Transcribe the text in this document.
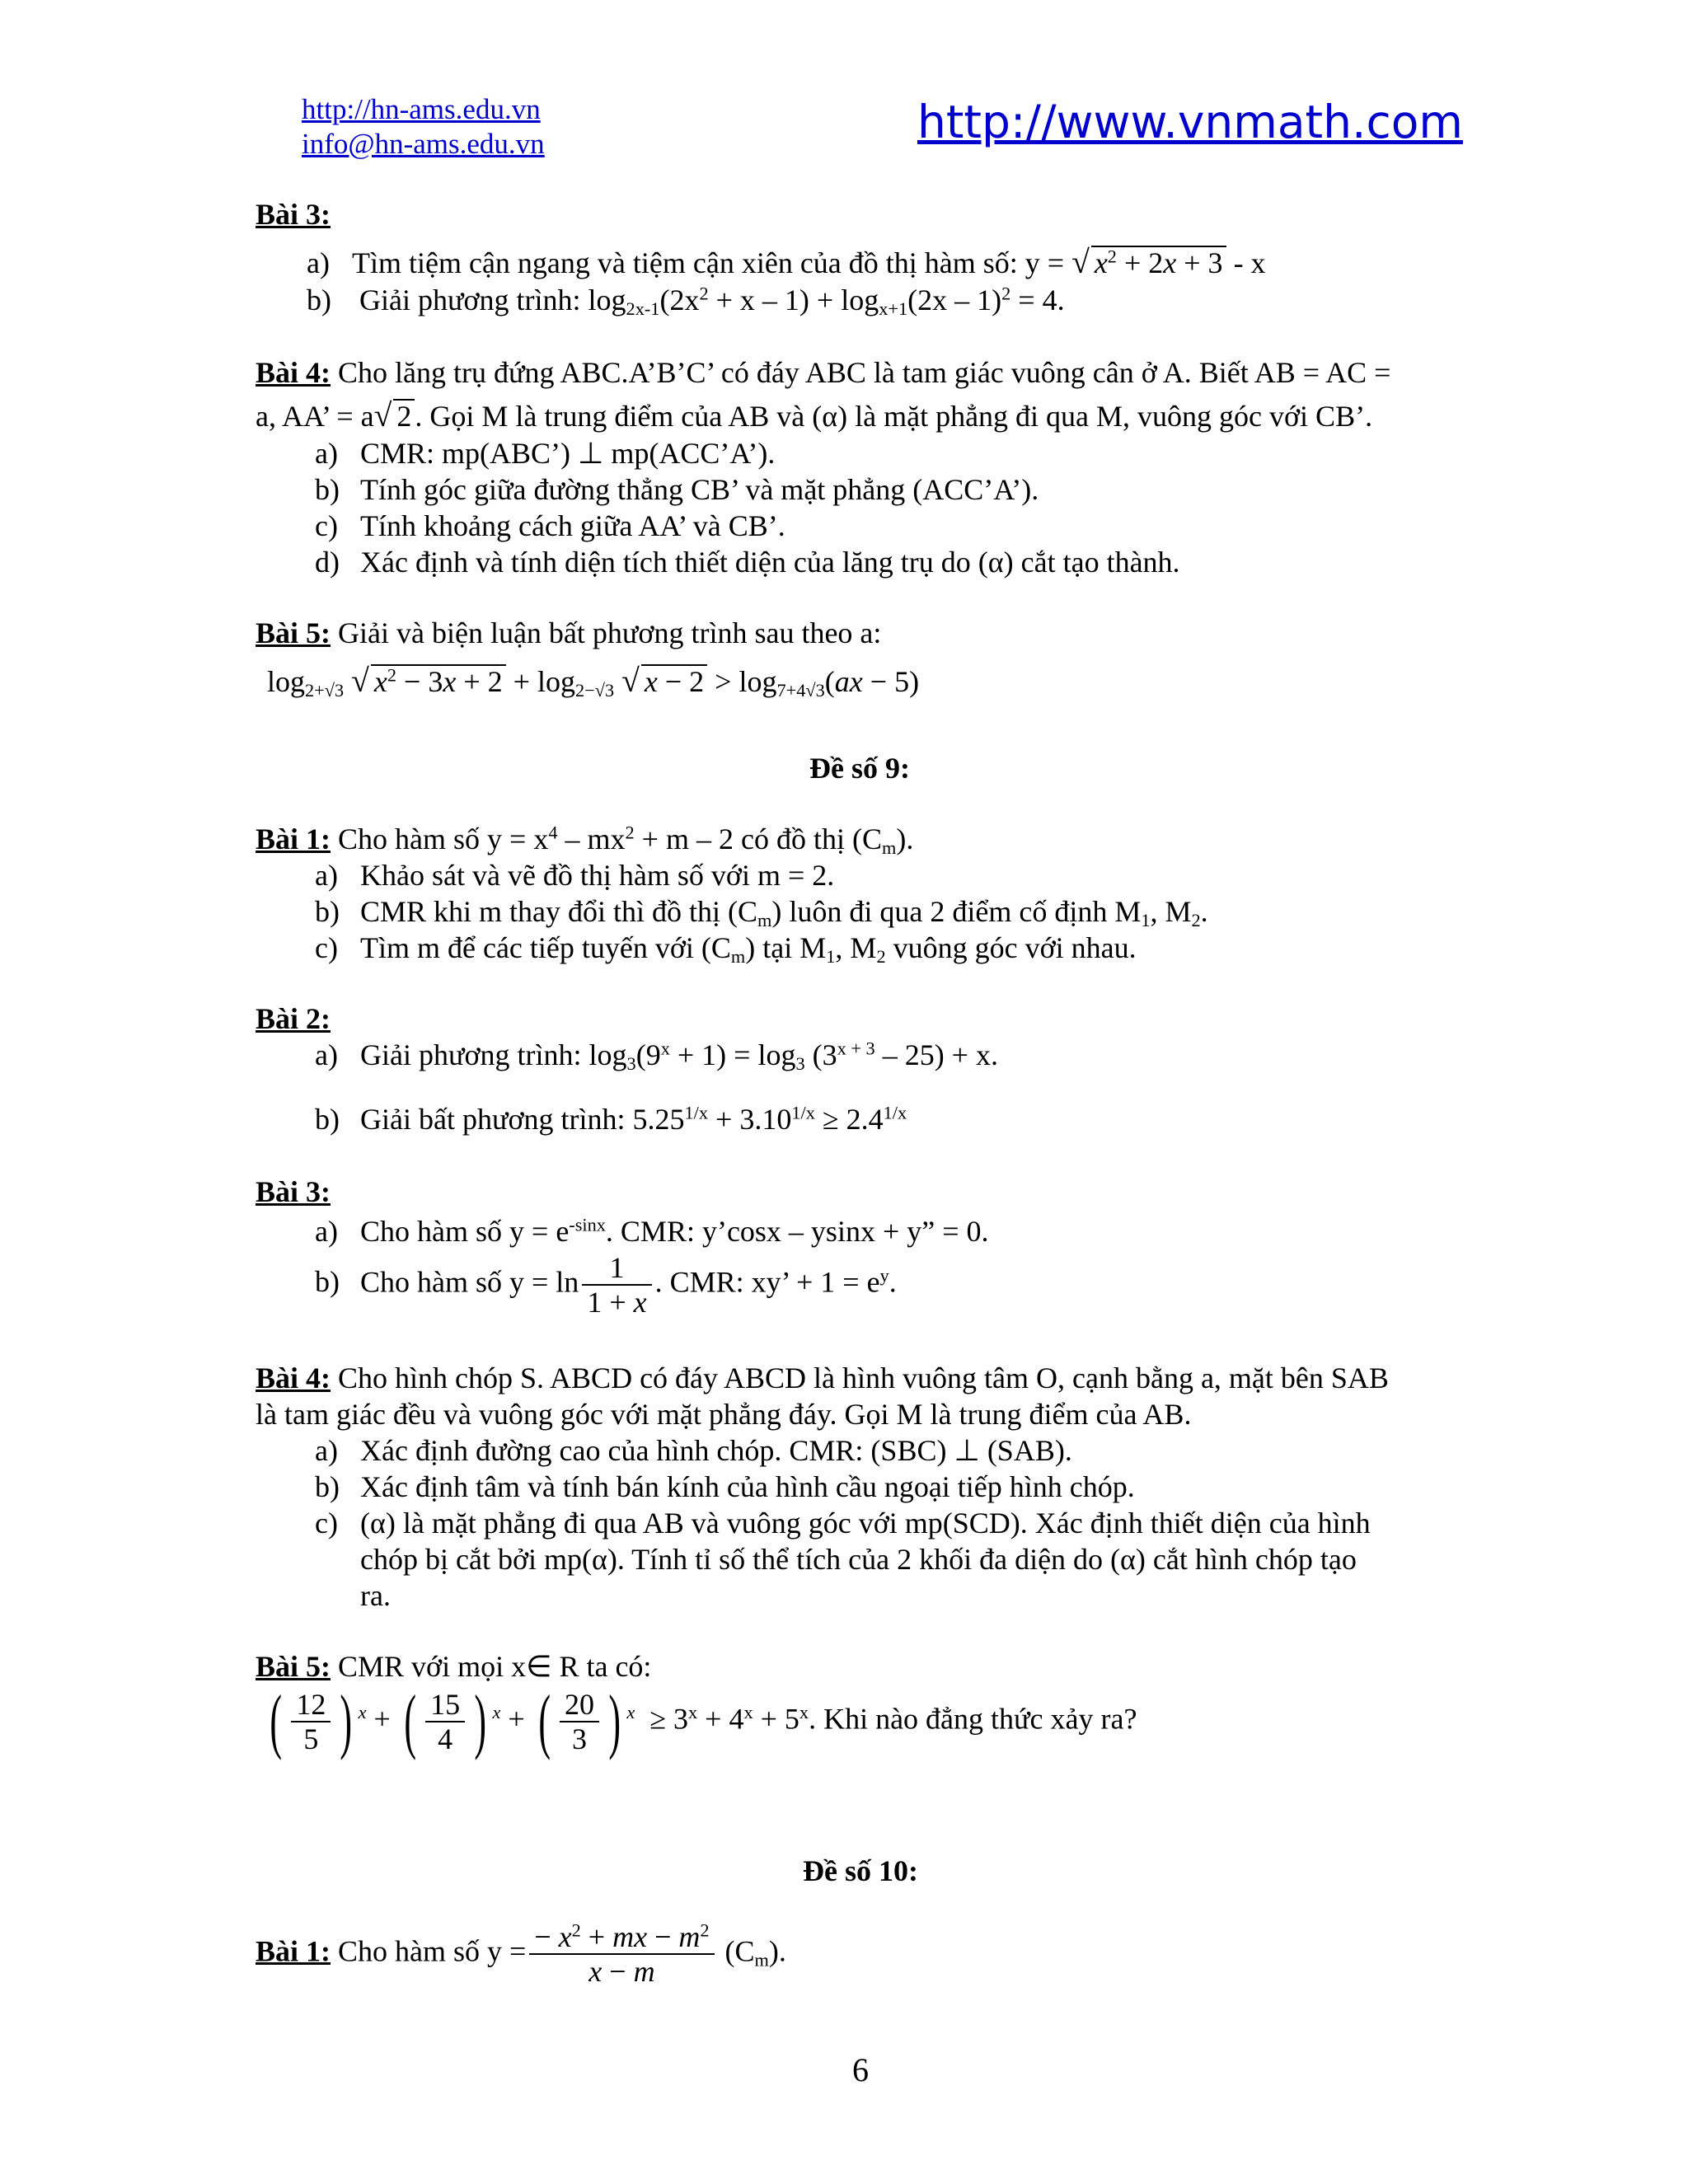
http://hn-ams.edu.vn
info@hn-ams.edu.vn	http://www.vnmath.com
Bài 3:
a) Tìm tiệm cận ngang và tiệm cận xiên của đồ thị hàm số: y = √ $x^2 + 2x + 3 - x$
b) Giải phương trình: $\log_{2x-1}(2x^2 + x - 1) + \log_{x+1}(2x - 1)^2 = 4$.
Bài 4: Cho lăng trụ đứng ABC.A’B’C’ có đáy ABC là tam giác vuông cân ở A. Biết AB = AC =
a, AA’ = a√ 2 . Gọi M là trung điểm của AB và (α) là mặt phẳng đi qua M, vuông góc với CB’.
a) CMR: mp(ABC’) ⊥ mp(ACC’A’).
b) Tính góc giữa đường thẳng CB’ và mặt phẳng (ACC’A’).
c) Tính khoảng cách giữa AA’ và CB’.
d) Xác định và tính diện tích thiết diện của lăng trụ do (α) cắt tạo thành.
Bài 5: Giải và biện luận bất phương trình sau theo a:
$\log_{2+√3}$ √ $x^2 - 3x + 2 + \log_{2-√3}$ √ $x - 2 > \log_{7+4√3}(ax - 5)$
Đề số 9:
Bài 1: Cho hàm số $y = x^4 - mx^2 + m - 2$ có đồ thị $(C_m)$.
a) Khảo sát và vẽ đồ thị hàm số với m = 2.
b) CMR khi m thay đổi thì đồ thị $(C_m)$ luôn đi qua 2 điểm cố định $M_1$, $M_2$.
c) Tìm m để các tiếp tuyến với $(C_m)$ tại $M_1$, $M_2$ vuông góc với nhau.
Bài 2:
a) Giải phương trình: $\log_3(9^x + 1) = \log_3 (3^{x + 3} - 25) + x$.
b) Giải bất phương trình: $5.25^{1/x} + 3.10^{1/x} \ge 2.4^{1/x}$
Bài 3:
a) Cho hàm số $y = e^{-sinx}$. CMR: y’cosx – ysinx + y” = 0.
b) Cho hàm số $y = \ln \frac{1}{1 + x}$ . CMR: xy’ + $1 = e^y$.
Bài 4: Cho hình chóp S. ABCD có đáy ABCD là hình vuông tâm O, cạnh bằng a, mặt bên SAB
là tam giác đều và vuông góc với mặt phẳng đáy. Gọi M là trung điểm của AB.
a) Xác định đường cao của hình chóp. CMR: (SBC) ⊥ (SAB).
b) Xác định tâm và tính bán kính của hình cầu ngoại tiếp hình chóp.
c) (α) là mặt phẳng đi qua AB và vuông góc với mp(SCD). Xác định thiết diện của hình
chóp bị cắt bởi mp(α). Tính tỉ số thể tích của 2 khối đa diện do (α) cắt hình chóp tạo
ra.
Bài 5: CMR với mọi x∈ R ta có:
( $\frac{12}{5}$ ) $^x$ + ( $\frac{15}{4}$ ) $^x$ + ( $\frac{20}{3}$ ) $^x \ge 3^x + 4^x + 5^x$. Khi nào đẳng thức xảy ra?
Đề số 10:
Bài 1: Cho hàm số $y = \frac{- x^2 + mx - m^2}{x - m} (C_m)$.
6
